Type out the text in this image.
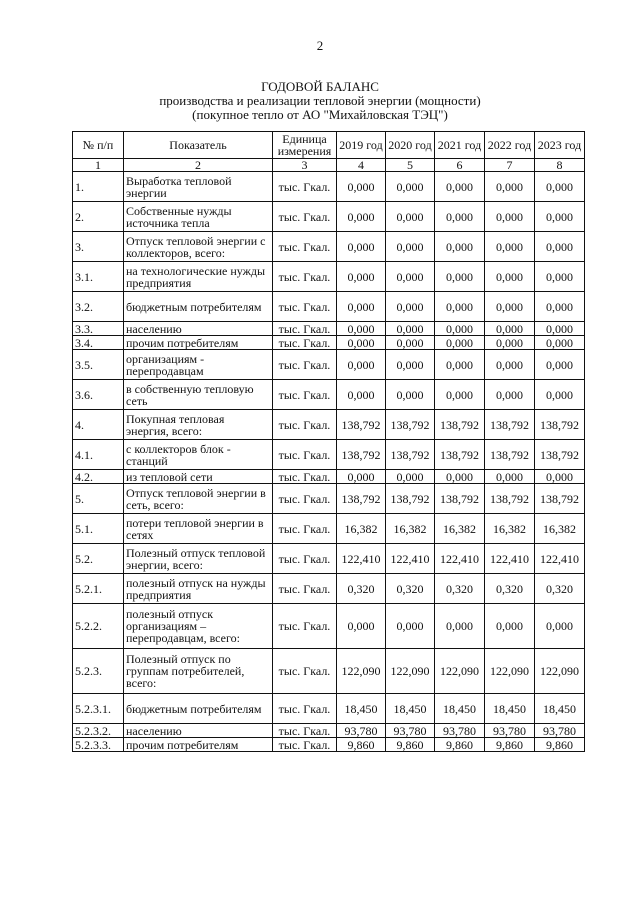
2
ГОДОВОЙ БАЛАНС
производства и реализации тепловой энергии (мощности)
(покупное тепло от АО "Михайловская ТЭЦ")
№ п/п	Показатель	Единица измерения	2019 год	2020 год	2021 год	2022 год	2023 год
1	2	3	4	5	6	7	8
1.	Выработка тепловой энергии	тыс. Гкал.	0,000	0,000	0,000	0,000	0,000
2.	Собственные нужды источника тепла	тыс. Гкал.	0,000	0,000	0,000	0,000	0,000
3.	Отпуск тепловой энергии с коллекторов, всего:	тыс. Гкал.	0,000	0,000	0,000	0,000	0,000
3.1.	на технологические нужды предприятия	тыс. Гкал.	0,000	0,000	0,000	0,000	0,000
3.2.	бюджетным потребителям	тыс. Гкал.	0,000	0,000	0,000	0,000	0,000
3.3.	населению	тыс. Гкал.	0,000	0,000	0,000	0,000	0,000
3.4.	прочим потребителям	тыс. Гкал.	0,000	0,000	0,000	0,000	0,000
3.5.	организациям - перепродавцам	тыс. Гкал.	0,000	0,000	0,000	0,000	0,000
3.6.	в собственную тепловую сеть	тыс. Гкал.	0,000	0,000	0,000	0,000	0,000
4.	Покупная тепловая энергия, всего:	тыс. Гкал.	138,792	138,792	138,792	138,792	138,792
4.1.	с коллекторов блок - станций	тыс. Гкал.	138,792	138,792	138,792	138,792	138,792
4.2.	из тепловой сети	тыс. Гкал.	0,000	0,000	0,000	0,000	0,000
5.	Отпуск тепловой энергии в сеть, всего:	тыс. Гкал.	138,792	138,792	138,792	138,792	138,792
5.1.	потери тепловой энергии в сетях	тыс. Гкал.	16,382	16,382	16,382	16,382	16,382
5.2.	Полезный отпуск тепловой энергии, всего:	тыс. Гкал.	122,410	122,410	122,410	122,410	122,410
5.2.1.	полезный отпуск на нужды предприятия	тыс. Гкал.	0,320	0,320	0,320	0,320	0,320
5.2.2.	полезный отпуск организациям – перепродавцам, всего:	тыс. Гкал.	0,000	0,000	0,000	0,000	0,000
5.2.3.	Полезный отпуск по группам потребителей, всего:	тыс. Гкал.	122,090	122,090	122,090	122,090	122,090
5.2.3.1.	бюджетным потребителям	тыс. Гкал.	18,450	18,450	18,450	18,450	18,450
5.2.3.2.	населению	тыс. Гкал.	93,780	93,780	93,780	93,780	93,780
5.2.3.3.	прочим потребителям	тыс. Гкал.	9,860	9,860	9,860	9,860	9,860
